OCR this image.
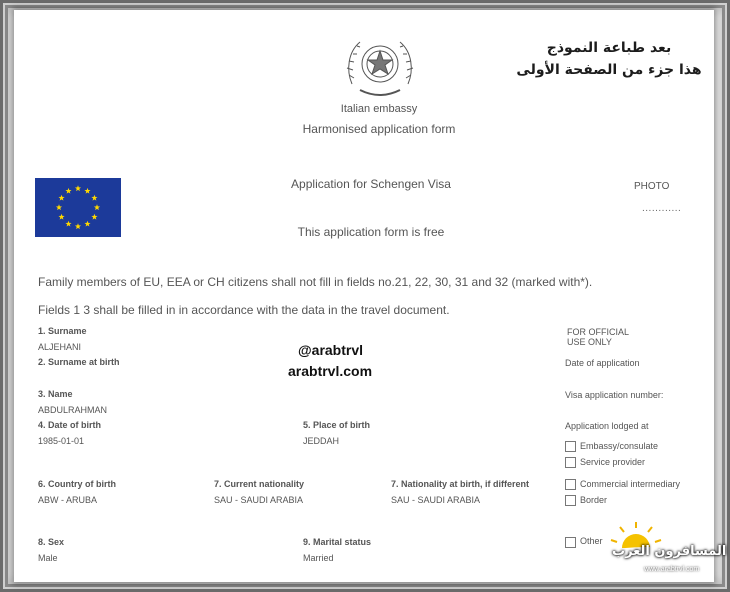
Italian embassy
Harmonised application form
بعد طباعة النموذج
هذا جزء من الصفحة الأولى
Application for Schengen Visa
This application form is free
PHOTO
............
Family members of EU, EEA or CH citizens shall not fill in fields no.21, 22, 30, 31 and 32 (marked with*).
Fields 1 3 shall be filled in in accordance with the data in the travel document.
@arabtrvl
arabtrvl.com
1. Surname
ALJEHANI
2. Surname at birth
3. Name
ABDULRAHMAN
4. Date of birth
1985-01-01
5. Place of birth
JEDDAH
6. Country of birth
ABW - ARUBA
7. Current nationality
SAU - SAUDI ARABIA
7. Nationality at birth, if different
SAU - SAUDI ARABIA
8. Sex
Male
9. Marital status
Married
FOR OFFICIAL
USE ONLY
Date of application
Visa application number:
Application lodged at
Embassy/consulate
Service provider
Commercial intermediary
Border
Other
المسافرون العرب
www.arabtrvl.com
